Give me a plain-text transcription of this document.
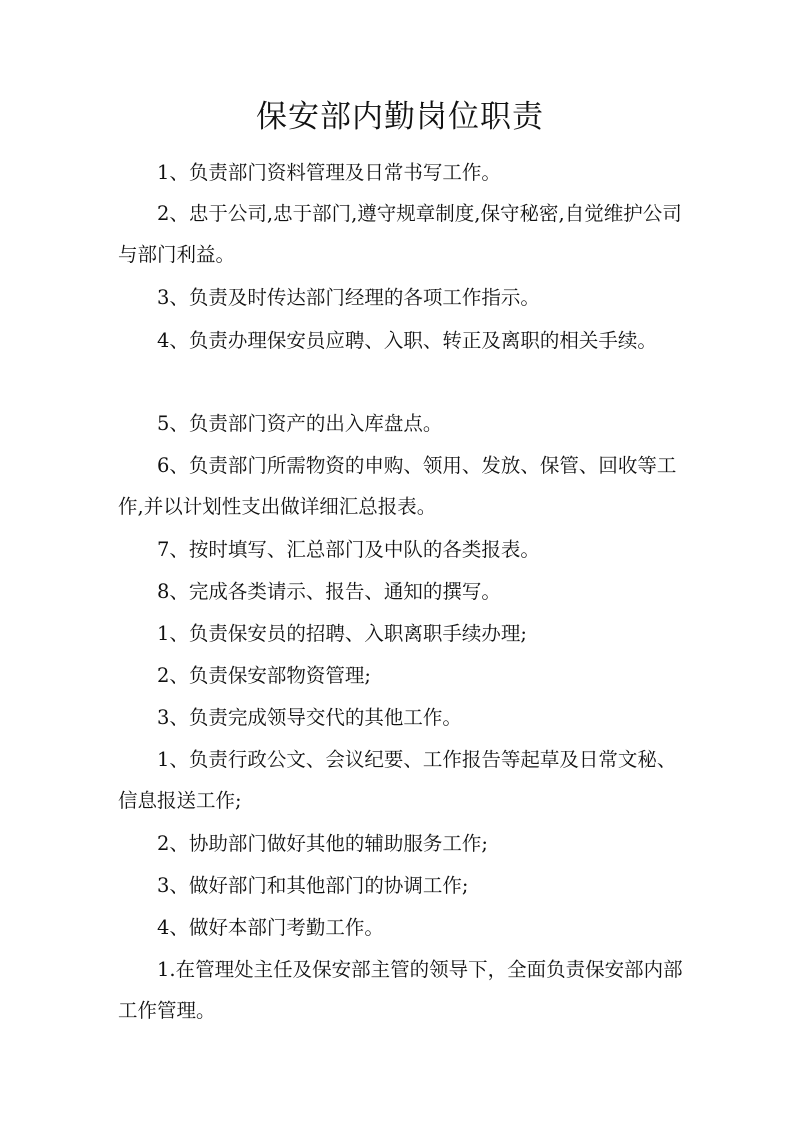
保安部内勤岗位职责
1、负责部门资料管理及日常书写工作。
2、忠于公司,忠于部门,遵守规章制度,保守秘密,自觉维护公司与部门利益。
3、负责及时传达部门经理的各项工作指示。
4、负责办理保安员应聘、入职、转正及离职的相关手续。
5、负责部门资产的出入库盘点。
6、负责部门所需物资的申购、领用、发放、保管、回收等工作,并以计划性支出做详细汇总报表。
7、按时填写、汇总部门及中队的各类报表。
8、完成各类请示、报告、通知的撰写。
1、负责保安员的招聘、入职离职手续办理;
2、负责保安部物资管理;
3、负责完成领导交代的其他工作。
1、负责行政公文、会议纪要、工作报告等起草及日常文秘、信息报送工作;
2、协助部门做好其他的辅助服务工作;
3、做好部门和其他部门的协调工作;
4、做好本部门考勤工作。
1.在管理处主任及保安部主管的领导下，全面负责保安部内部工作管理。
